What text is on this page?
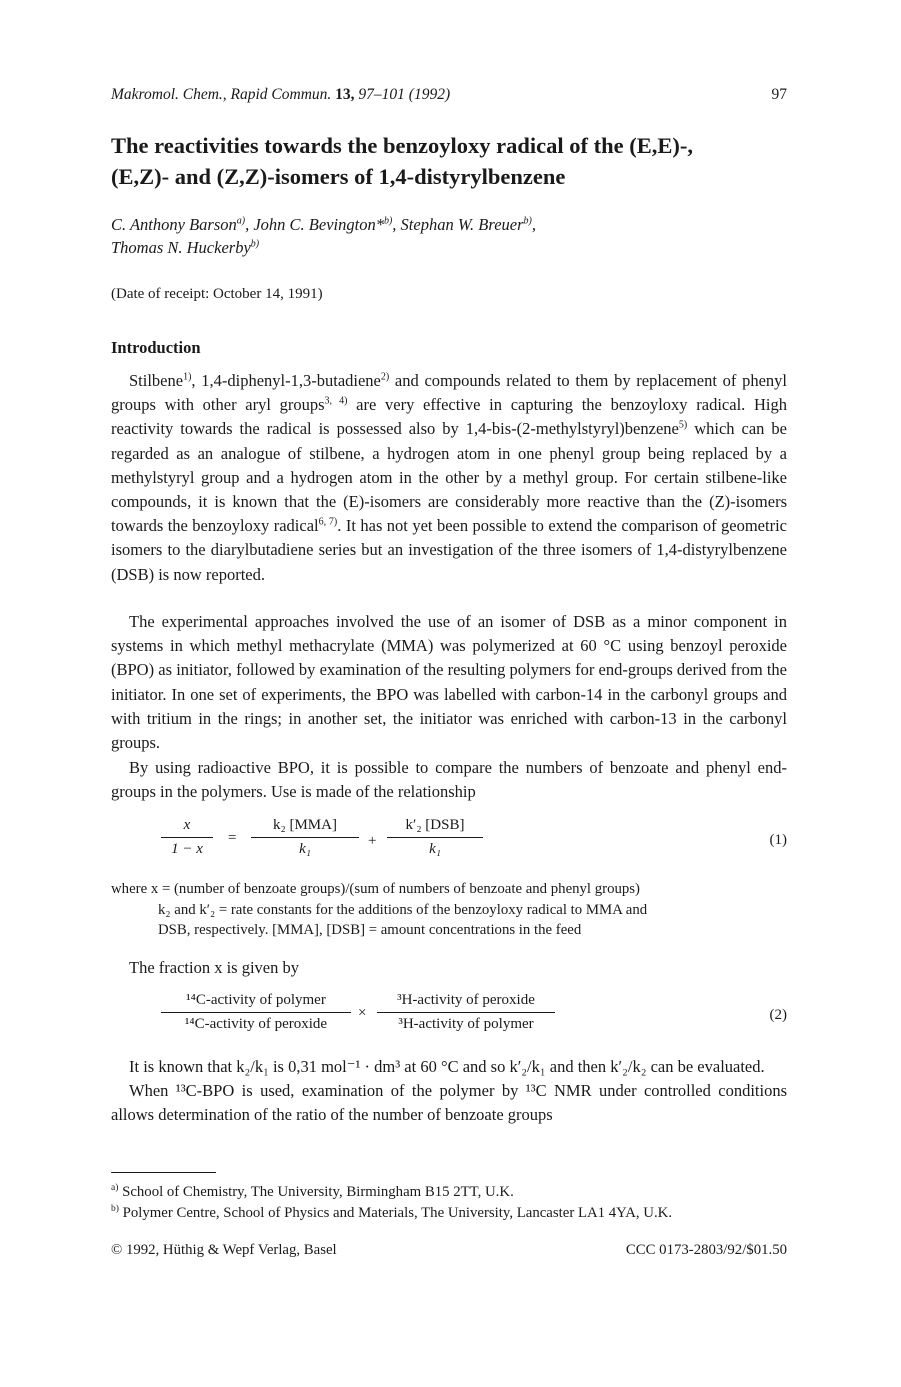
Makromol. Chem., Rapid Commun. 13, 97–101 (1992)	97
The reactivities towards the benzoyloxy radical of the (E,E)-,
(E,Z)- and (Z,Z)-isomers of 1,4-distyrylbenzene
C. Anthony Barson$^{a)}$, John C. Bevington*$^{b)}$, Stephan W. Breuer$^{b)}$,
Thomas N. Huckerby$^{b)}$
(Date of receipt: October 14, 1991)
Introduction

Stilbene$^{1)}$, 1,4-diphenyl-1,3-butadiene$^{2)}$ and compounds related to them by replacement of phenyl groups with other aryl groups$^{3, 4)}$ are very effective in capturing the benzoyloxy radical. High reactivity towards the radical is possessed also by 1,4-bis-(2-methylstyryl)benzene$^{5)}$ which can be regarded as an analogue of stilbene, a hydrogen atom in one phenyl group being replaced by a methylstyryl group and a hydrogen atom in the other by a methyl group. For certain stilbene-like compounds, it is known that the (E)-isomers are considerably more reactive than the (Z)-isomers towards the benzoyloxy radical$^{6, 7)}$. It has not yet been possible to extend the comparison of geometric isomers to the diarylbutadiene series but an investigation of the three isomers of 1,4-distyrylbenzene (DSB) is now reported.

The experimental approaches involved the use of an isomer of DSB as a minor component in systems in which methyl methacrylate (MMA) was polymerized at 60 °C using benzoyl peroxide (BPO) as initiator, followed by examination of the resulting polymers for end-groups derived from the initiator. In one set of experiments, the BPO was labelled with carbon-14 in the carbonyl groups and with tritium in the rings; in another set, the initiator was enriched with carbon-13 in the carbonyl groups.

By using radioactive BPO, it is possible to compare the numbers of benzoate and phenyl end-groups in the polymers. Use is made of the relationship

$\frac{x}{1 - x}$ =
k₂ [MMA]
k₁	+
k′₂ [DSB]
k₁
(1)
where x = (number of benzoate groups)/(sum of numbers of benzoate and phenyl groups)
k₂ and k′₂ = rate constants for the additions of the benzoyloxy radical to MMA and
DSB, respectively. [MMA], [DSB] = amount concentrations in the feed
The fraction x is given by
¹⁴C-activity of polymer
¹⁴C-activity of peroxide
×
³H-activity of peroxide
³H-activity of polymer
(2)

It is known that k₂/k₁ is 0,31 mol⁻¹ · dm³ at 60 °C and so k′₂/k₁ and then k′₂/k₂ can be evaluated.

When ¹³C-BPO is used, examination of the polymer by ¹³C NMR under controlled conditions allows determination of the ratio of the number of benzoate groups

$^{a)}$ School of Chemistry, The University, Birmingham B15 2TT, U.K.
$^{b)}$ Polymer Centre, School of Physics and Materials, The University, Lancaster LA1 4YA, U.K.
© 1992, Hüthig & Wepf Verlag, Basel	CCC 0173-2803/92/$01.50
